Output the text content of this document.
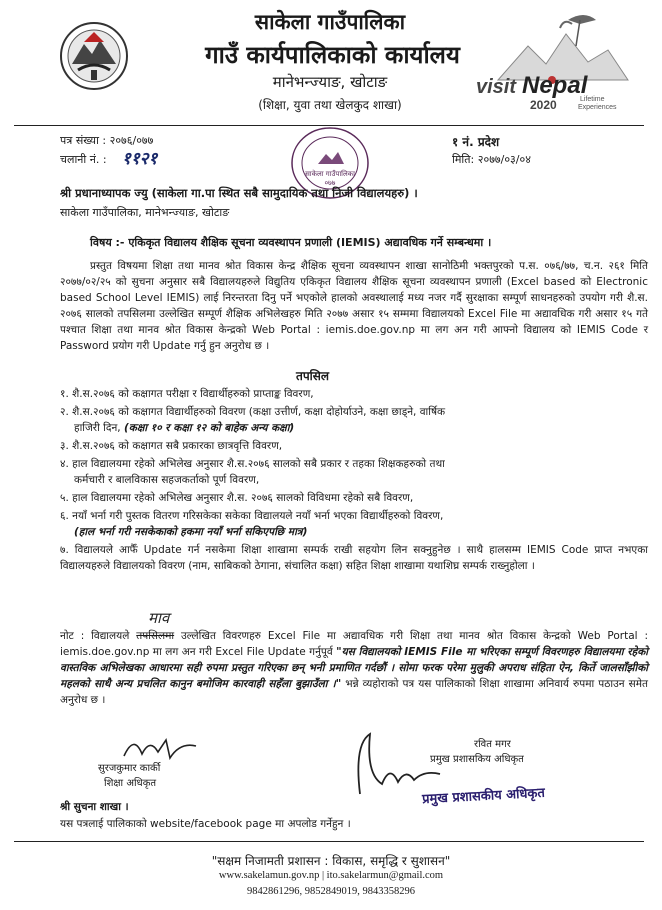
साकेला गाउँपालिका
गाउँ कार्यपालिकाको कार्यालय
मानेभन्ज्याङ, खोटाङ
(शिक्षा, युवा तथा खेलकुद शाखा)
visit Nepal
2020	Lifetime
Experiences
पत्र संख्या : २०७६/०७७
चलानी नं. : ११२१
१ नं. प्रदेश
मिति: २०७७/०३/०४
साकेला गाउँपालिका ०७७
श्री प्रधानाध्यापक ज्यु (साकेला गा.पा स्थित सबै सामुदायिक तथा निजी विद्यालयहरु) ।
साकेला गाउँपालिका, मानेभन्ज्याङ, खोटाङ
विषय :- एकिकृत विद्यालय शैक्षिक सूचना व्यवस्थापन प्रणाली (IEMIS) अद्यावधिक गर्ने सम्बन्धमा ।
प्रस्तुत विषयमा शिक्षा तथा मानव श्रोत विकास केन्द्र शैक्षिक सूचना व्यवस्थापन शाखा सानोठिमी भक्तपुरको प.स. ०७६/७७, च.न. २६१ मिति २०७७/०२/२५ को सुचना अनुसार सबै विद्यालयहरुले विद्युतिय एकिकृत विद्यालय शैक्षिक सूचना व्यवस्थापन प्रणाली (Excel based को Electronic based School Level IEMIS) लाई निरन्तरता दिनु पर्ने भएकोले हालको अवस्थालाई मध्य नजर गर्दै सुरक्षाका सम्पूर्ण साधनहरुको उपयोग गरी शै.स. २०७६ सालको तपसिलमा उल्लेखित सम्पूर्ण शैक्षिक अभिलेखहरु मिति २०७७ असार १५ सम्ममा विद्यालयको Excel File मा अद्यावधिक गरी असार १५ गते पश्चात शिक्षा तथा मानव श्रोत विकास केन्द्रको Web Portal : iemis.doe.gov.np मा लग अन गरी आफ्नो विद्यालय को IEMIS Code र Password प्रयोग गरी Update गर्नु हुन अनुरोध छ ।
तपसिल
१. शै.स.२०७६ को कक्षागत परीक्षा र विद्यार्थीहरुको प्राप्ताङ्क विवरण,
२. शै.स.२०७६ को कक्षागत विद्यार्थीहरुको विवरण (कक्षा उत्तीर्ण, कक्षा दोहोर्याउने, कक्षा छाड्ने, वार्षिक
हाजिरी दिन, (कक्षा १० र कक्षा १२ को बाहेक अन्य कक्षा)
३. शै.स.२०७६ को कक्षागत सबै प्रकारका छात्रवृत्ति विवरण,
४. हाल विद्यालयमा रहेको अभिलेख अनुसार शै.स.२०७६ सालको सबै प्रकार र तहका शिक्षकहरुको तथा
कर्मचारी र बालविकास सहजकर्ताको पूर्ण विवरण,
५. हाल विद्यालयमा रहेको अभिलेख अनुसार शै.स. २०७६ सालको विविधमा रहेको सबै विवरण,
६. नयाँ भर्ना गरी पुस्तक वितरण गरिसकेका सकेका विद्यालयले नयाँ भर्ना भएका विद्यार्थीहरुको विवरण,
(हाल भर्ना गरी नसकेकाको हकमा नयाँ भर्ना सकिएपछि मात्र)
७. विद्यालयले आफैँ Update गर्न नसकेमा शिक्षा शाखामा सम्पर्क राखी सहयोग लिन सक्नुहुनेछ । साथै हालसम्म IEMIS Code प्राप्त नभएका विद्यालयहरुले विद्यालयको विवरण (नाम, साबिकको ठेगाना, संचालित कक्षा) सहित शिक्षा शाखामा यथाशिघ्र सम्पर्क राख्नुहोला ।
माव
नोट : विद्यालयले तपसिलमा उल्लेखित विवरणहरु Excel File मा अद्यावधिक गरी शिक्षा तथा मानव श्रोत विकास केन्द्रको Web Portal : iemis.doe.gov.np मा लग अन गरी Excel File Update गर्नुपूर्व "यस विद्यालयको IEMIS File मा भरिएका सम्पूर्ण विवरणहरु विद्यालयमा रहेको वास्तविक अभिलेखका आधारमा सही रुपमा प्रस्तुत गरिएका छन् भनी प्रमाणित गर्दछौं । सोमा फरक परेमा मुलुकी अपराध संहिता ऐन, किर्ते जालसाँझीको महलको साथै अन्य प्रचलित कानुन बमोजिम कारवाही सहँला बुझाउँला ।" भन्ने व्यहोराको पत्र यस पालिकाको शिक्षा शाखामा अनिवार्य रुपमा पठाउन समेत अनुरोध छ ।
सुरजकुमार कार्की
शिक्षा अधिकृत
रवित मगर
प्रमुख प्रशासकिय अधिकृत
प्रमुख प्रशासकीय अधिकृत
श्री सुचना शाखा ।
यस पत्रलाई पालिकाको website/facebook page मा अपलोड गर्नेहुन ।
"सक्षम निजामती प्रशासन : विकास, समृद्धि र सुशासन"
www.sakelamun.gov.np | ito.sakelarmun@gmail.com
9842861296, 9852849019, 9843358296
